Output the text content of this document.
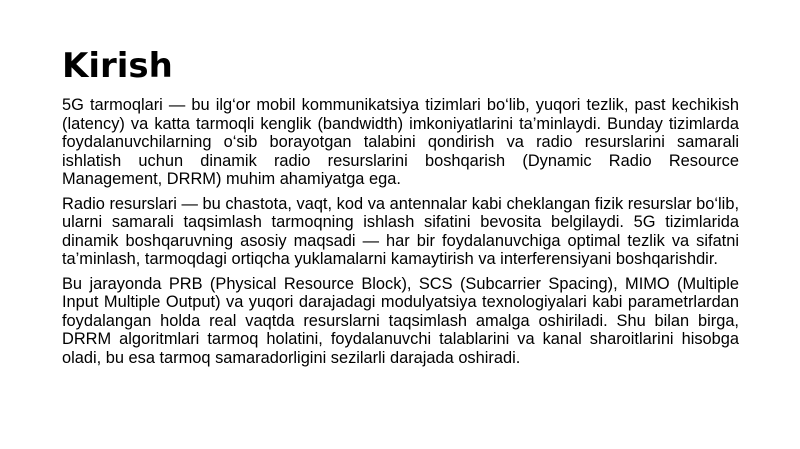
Kirish

5G tarmoqlari — bu ilg‘or mobil kommunikatsiya tizimlari bo‘lib, yuqori tezlik, past kechikish (latency) va katta tarmoqli kenglik (bandwidth) imkoniyatlarini ta’minlaydi. Bunday tizimlarda foydalanuvchilarning o‘sib borayotgan talabini qondirish va radio resurslarini samarali ishlatish uchun dinamik radio resurslarini boshqarish (Dynamic Radio Resource Management, DRRM) muhim ahamiyatga ega.

Radio resurslari — bu chastota, vaqt, kod va antennalar kabi cheklangan fizik resurslar bo‘lib, ularni samarali taqsimlash tarmoqning ishlash sifatini bevosita belgilaydi. 5G tizimlarida dinamik boshqaruvning asosiy maqsadi — har bir foydalanuvchiga optimal tezlik va sifatni ta’minlash, tarmoqdagi ortiqcha yuklamalarni kamaytirish va interferensiyani boshqarishdir.

Bu jarayonda PRB (Physical Resource Block), SCS (Subcarrier Spacing), MIMO (Multiple Input Multiple Output) va yuqori darajadagi modulyatsiya texnologiyalari kabi parametrlardan foydalangan holda real vaqtda resurslarni taqsimlash amalga oshiriladi. Shu bilan birga, DRRM algoritmlari tarmoq holatini, foydalanuvchi talablarini va kanal sharoitlarini hisobga oladi, bu esa tarmoq samaradorligini sezilarli darajada oshiradi.
